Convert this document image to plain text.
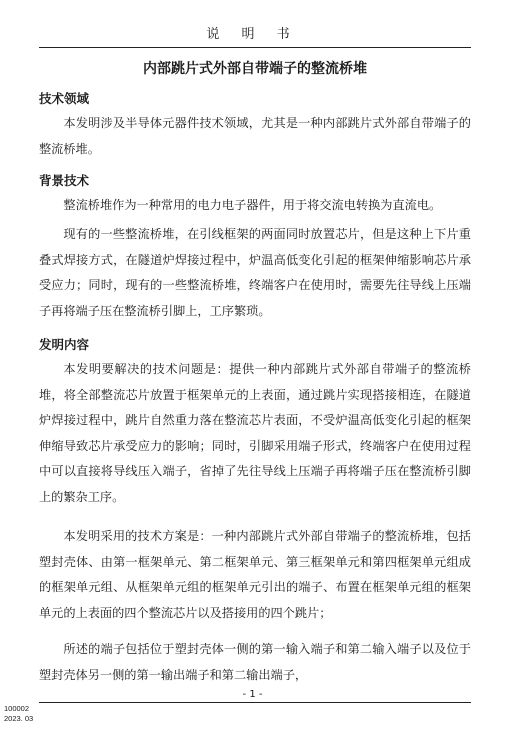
说 明 书
内部跳片式外部自带端子的整流桥堆
技术领域

本发明涉及半导体元器件技术领域，尤其是一种内部跳片式外部自带端子的整流桥堆。

背景技术

整流桥堆作为一种常用的电力电子器件，用于将交流电转换为直流电。

现有的一些整流桥堆，在引线框架的两面同时放置芯片，但是这种上下片重叠式焊接方式，在隧道炉焊接过程中，炉温高低变化引起的框架伸缩影响芯片承受应力；同时，现有的一些整流桥堆，终端客户在使用时，需要先往导线上压端子再将端子压在整流桥引脚上，工序繁琐。

发明内容

本发明要解决的技术问题是：提供一种内部跳片式外部自带端子的整流桥堆，将全部整流芯片放置于框架单元的上表面，通过跳片实现搭接相连，在隧道炉焊接过程中，跳片自然重力落在整流芯片表面，不受炉温高低变化引起的框架伸缩导致芯片承受应力的影响；同时，引脚采用端子形式，终端客户在使用过程中可以直接将导线压入端子，省掉了先往导线上压端子再将端子压在整流桥引脚上的繁杂工序。

本发明采用的技术方案是：一种内部跳片式外部自带端子的整流桥堆，包括塑封壳体、由第一框架单元、第二框架单元、第三框架单元和第四框架单元组成的框架单元组、从框架单元组的框架单元引出的端子、布置在框架单元组的框架单元的上表面的四个整流芯片以及搭接用的四个跳片；

所述的端子包括位于塑封壳体一侧的第一输入端子和第二输入端子以及位于塑封壳体另一侧的第一输出端子和第二输出端子，

- 1 -
100002
2023. 03
